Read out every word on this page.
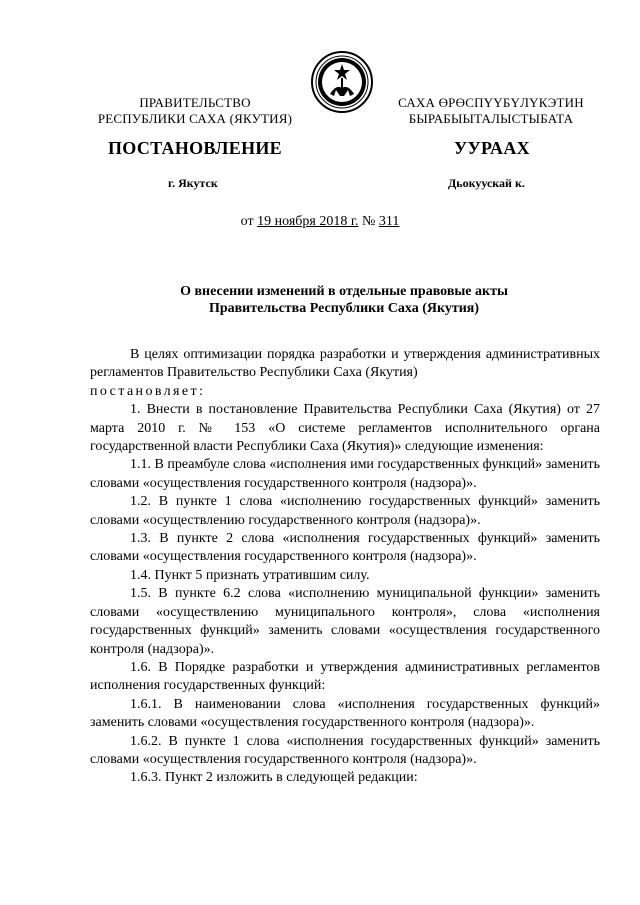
ПРАВИТЕЛЬСТВО
РЕСПУБЛИКИ САХА (ЯКУТИЯ)
САХА ӨРӨСПҮҮБҮЛҮКЭТИН
БЫРАБЫЫТАЛЫСТЫБАТА
ПОСТАНОВЛЕНИЕ	УУРААХ
г. Якутск	Дьокуускай к.
от 19 ноября 2018 г. № 311
О внесении изменений в отдельные правовые акты
Правительства Республики Саха (Якутия)

В целях оптимизации порядка разработки и утверждения административных регламентов Правительство Республики Саха (Якутия)

постановляет:

1. Внести в постановление Правительства Республики Саха (Якутия) от 27 марта 2010 г. № 153 «О системе регламентов исполнительного органа государственной власти Республики Саха (Якутия)» следующие изменения:

1.1. В преамбуле слова «исполнения ими государственных функций» заменить словами «осуществления государственного контроля (надзора)».

1.2. В пункте 1 слова «исполнению государственных функций» заменить словами «осуществлению государственного контроля (надзора)».

1.3. В пункте 2 слова «исполнения государственных функций» заменить словами «осуществления государственного контроля (надзора)».

1.4. Пункт 5 признать утратившим силу.

1.5. В пункте 6.2 слова «исполнению муниципальной функции» заменить словами «осуществлению муниципального контроля», слова «исполнения государственных функций» заменить словами «осуществления государственного контроля (надзора)».

1.6. В Порядке разработки и утверждения административных регламентов исполнения государственных функций:

1.6.1. В наименовании слова «исполнения государственных функций» заменить словами «осуществления государственного контроля (надзора)».

1.6.2. В пункте 1 слова «исполнения государственных функций» заменить словами «осуществления государственного контроля (надзора)».

1.6.3. Пункт 2 изложить в следующей редакции:
